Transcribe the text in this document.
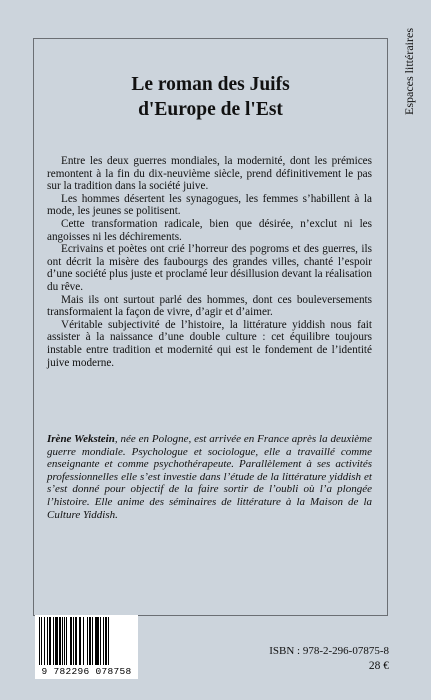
Espaces littéraires
Le roman des Juifs
d'Europe de l'Est

Entre les deux guerres mondiales, la modernité, dont les prémices remontent à la fin du dix-neuvième siècle, prend définitivement le pas sur la tradition dans la société juive.

Les hommes désertent les synagogues, les femmes s’habillent à la mode, les jeunes se politisent.

Cette transformation radicale, bien que désirée, n’exclut ni les angoisses ni les déchirements.

Ecrivains et poètes ont crié l’horreur des pogroms et des guerres, ils ont décrit la misère des faubourgs des grandes villes, chanté l’espoir d’une société plus juste et proclamé leur désillusion devant la réalisation du rêve.

Mais ils ont surtout parlé des hommes, dont ces bouleversements transformaient la façon de vivre, d’agir et d’aimer.

Véritable subjectivité de l’histoire, la littérature yiddish nous fait assister à la naissance d’une double culture : cet équilibre toujours instable entre tradition et modernité qui est le fondement de l’identité juive moderne.

Irène Wekstein, née en Pologne, est arrivée en France après la deuxième guerre mondiale. Psychologue et sociologue, elle a travaillé comme enseignante et comme psychothérapeute. Parallèlement à ses activités professionnelles elle s’est investie dans l’étude de la littérature yiddish et s’est donné pour objectif de la faire sortir de l’oubli où l’a plongée l’histoire. Elle anime des séminaires de littérature à la Maison de la Culture Yiddish.
9 782296 078758
ISBN : 978-2-296-07875-8
28 €
